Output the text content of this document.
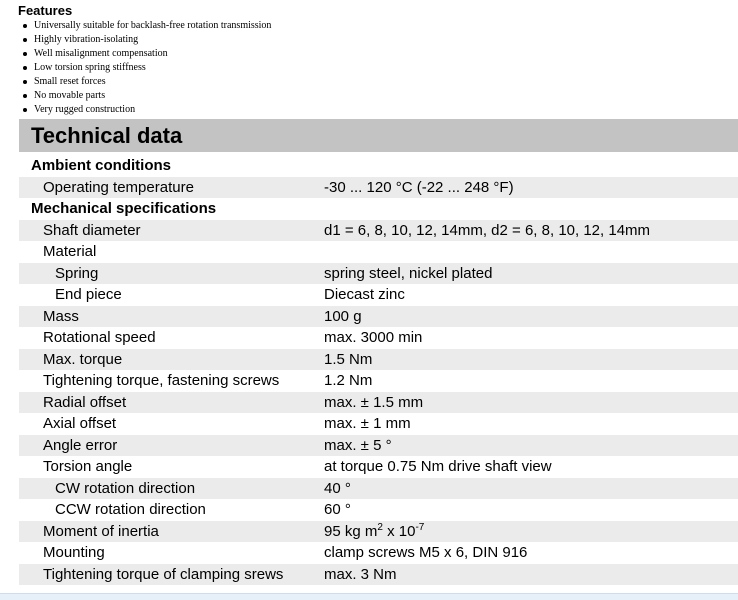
Features
Universally suitable for backlash-free rotation transmission
Highly vibration-isolating
Well misalignment compensation
Low torsion spring stiffness
Small reset forces
No movable parts
Very rugged construction
Technical data
Ambient conditions
Operating temperature	-30 ... 120 °C (-22 ... 248 °F)
Mechanical specifications
Shaft diameter	d1 = 6, 8, 10, 12, 14mm, d2 = 6, 8, 10, 12, 14mm
Material
Spring	spring steel, nickel plated
End piece	Diecast zinc
Mass	100 g
Rotational speed	max. 3000 min
Max. torque	1.5 Nm
Tightening torque, fastening screws	1.2 Nm
Radial offset	max. ± 1.5 mm
Axial offset	max. ± 1 mm
Angle error	max. ± 5 °
Torsion angle	at torque 0.75 Nm drive shaft view
CW rotation direction	40 °
CCW rotation direction	60 °
Moment of inertia	95 kg $m^2$ x $10^{-7}$
Mounting	clamp screws M5 x 6, DIN 916
Tightening torque of clamping srews	max. 3 Nm
